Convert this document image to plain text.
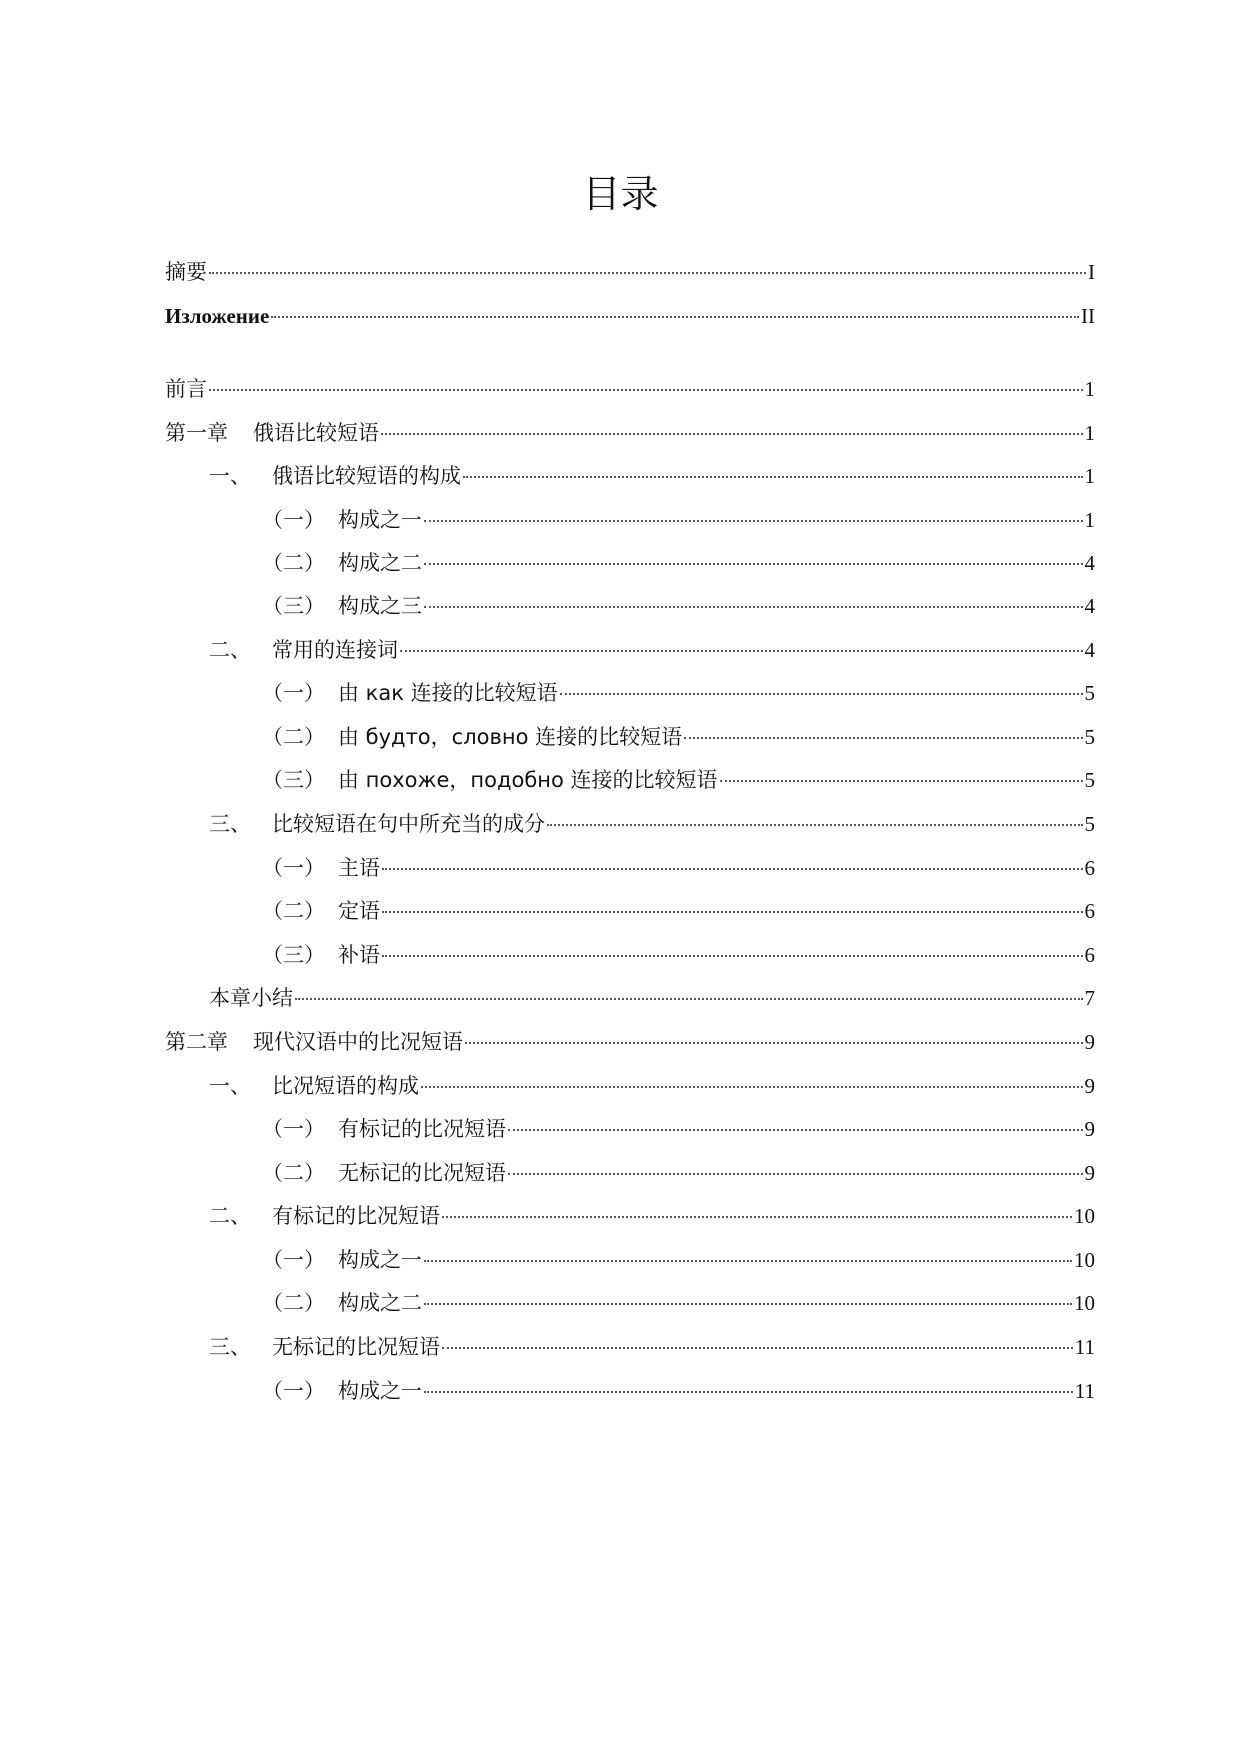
目录
摘要	I
Изложение	II
前言	1
第一章	俄语比较短语	1
一、	俄语比较短语的构成	1
（一） 构成之一	1
（二） 构成之二	4
（三） 构成之三	4
二、	常用的连接词	4
（一） 由 как 连接的比较短语	5
（二） 由 будто，словно 连接的比较短语	5
（三） 由 похоже，подобно 连接的比较短语	5
三、	比较短语在句中所充当的成分	5
（一） 主语	6
（二） 定语	6
（三） 补语	6
本章小结	7
第二章	现代汉语中的比况短语	9
一、	比况短语的构成	9
（一） 有标记的比况短语	9
（二） 无标记的比况短语	9
二、	有标记的比况短语	10
（一） 构成之一	10
（二） 构成之二	10
三、	无标记的比况短语	11
（一） 构成之一	11
